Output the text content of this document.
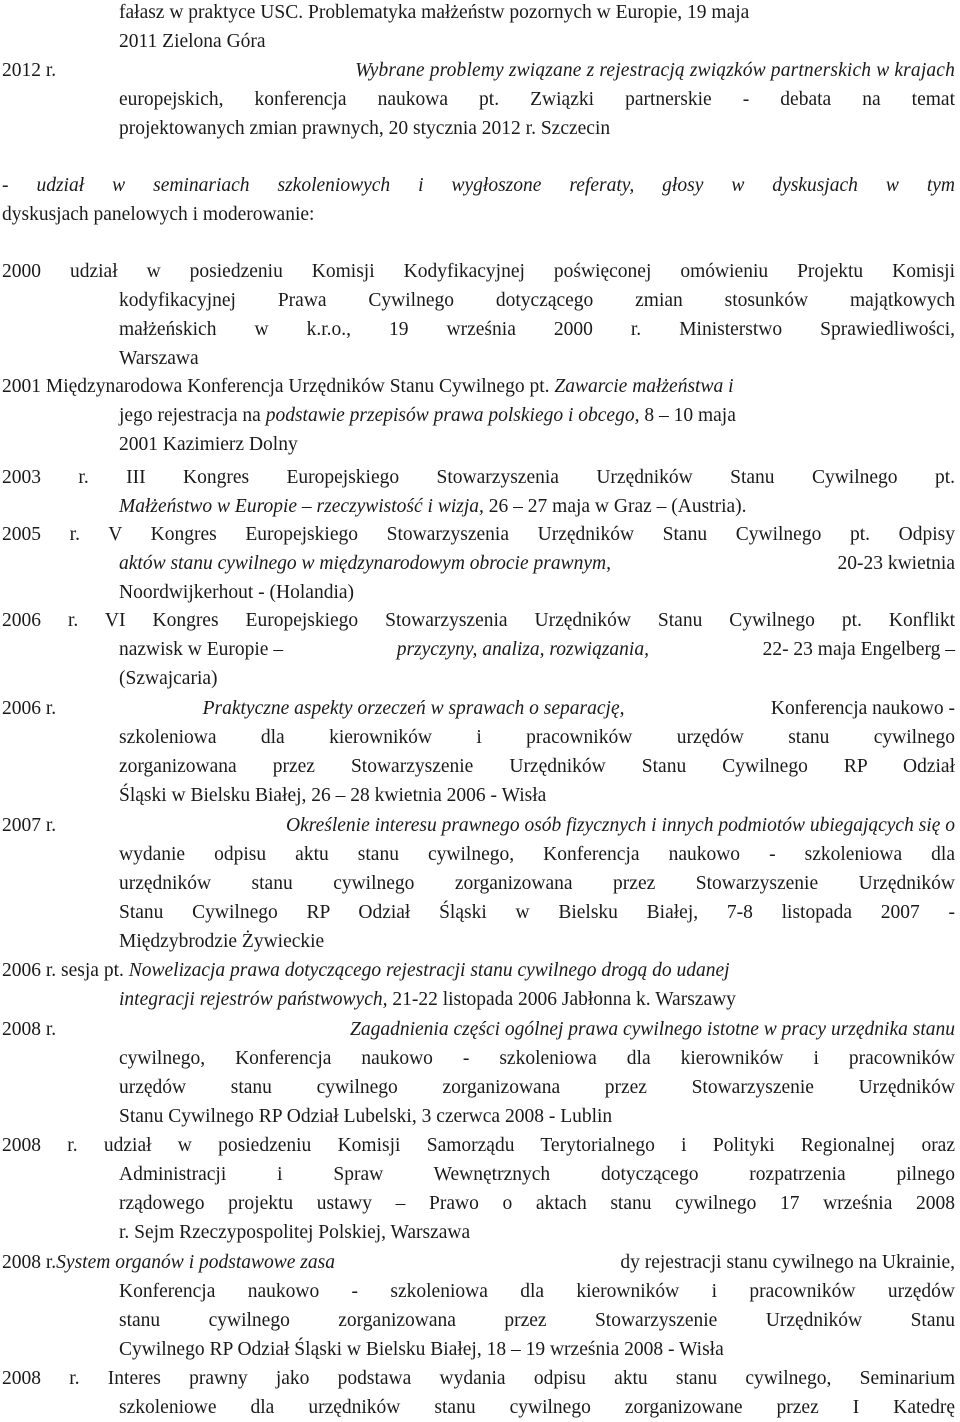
fałasz w praktyce USC. Problematyka małżeństw pozornych w Europie, 19 maja
2011 Zielona Góra
2012 r.	Wybrane problemy związane z rejestracją związków partnerskich w krajach
europejskich, konferencja naukowa pt. Związki partnerskie - debata na temat
projektowanych zmian prawnych, 20 stycznia 2012 r. Szczecin
- udział w seminariach szkoleniowych i wygłoszone referaty, głosy w dyskusjach w tym
dyskusjach panelowych i moderowanie:
2000 udział w posiedzeniu Komisji Kodyfikacyjnej poświęconej omówieniu Projektu Komisji
kodyfikacyjnej Prawa Cywilnego dotyczącego zmian stosunków majątkowych
małżeńskich w k.r.o., 19 września 2000 r. Ministerstwo Sprawiedliwości,
Warszawa
2001 Międzynarodowa Konferencja Urzędników Stanu Cywilnego pt. Zawarcie małżeństwa i
jego rejestracja na podstawie przepisów prawa polskiego i obcego, 8 – 10 maja
2001 Kazimierz Dolny
2003 r. III Kongres Europejskiego Stowarzyszenia Urzędników Stanu Cywilnego pt.
Małżeństwo w Europie – rzeczywistość i wizja, 26 – 27 maja w Graz – (Austria).
2005 r. V Kongres Europejskiego Stowarzyszenia Urzędników Stanu Cywilnego pt. Odpisy
aktów stanu cywilnego w międzynarodowym obrocie prawnym,	20-23 kwietnia
Noordwijkerhout - (Holandia)
2006 r. VI Kongres Europejskiego Stowarzyszenia Urzędników Stanu Cywilnego pt. Konflikt
nazwisk w Europie –	przyczyny, analiza, rozwiązania,	22- 23 maja Engelberg –
(Szwajcaria)
2006 r.	Praktyczne aspekty orzeczeń w sprawach o separację,	Konferencja naukowo -
szkoleniowa dla kierowników i pracowników urzędów stanu cywilnego
zorganizowana przez Stowarzyszenie Urzędników Stanu Cywilnego RP Odział
Śląski w Bielsku Białej, 26 – 28 kwietnia 2006 - Wisła
2007 r.	Określenie interesu prawnego osób fizycznych i innych podmiotów ubiegających się o
wydanie odpisu aktu stanu cywilnego, Konferencja naukowo - szkoleniowa dla
urzędników stanu cywilnego zorganizowana przez Stowarzyszenie Urzędników
Stanu Cywilnego RP Odział Śląski w Bielsku Białej, 7-8 listopada 2007 -
Międzybrodzie Żywieckie
2006 r. sesja pt. Nowelizacja prawa dotyczącego rejestracji stanu cywilnego drogą do udanej
integracji rejestrów państwowych, 21-22 listopada 2006 Jabłonna k. Warszawy
2008 r.	Zagadnienia części ogólnej prawa cywilnego istotne w pracy urzędnika stanu
cywilnego, Konferencja naukowo - szkoleniowa dla kierowników i pracowników
urzędów stanu cywilnego zorganizowana przez Stowarzyszenie Urzędników
Stanu Cywilnego RP Odział Lubelski, 3 czerwca 2008 - Lublin
2008 r. udział w posiedzeniu Komisji Samorządu Terytorialnego i Polityki Regionalnej oraz
Administracji i Spraw Wewnętrznych dotyczącego rozpatrzenia pilnego
rządowego projektu ustawy – Prawo o aktach stanu cywilnego 17 września 2008
r. Sejm Rzeczypospolitej Polskiej, Warszawa
2008 r. System organów i podstawowe zasa	dy rejestracji stanu cywilnego na Ukrainie,
Konferencja naukowo - szkoleniowa dla kierowników i pracowników urzędów
stanu cywilnego zorganizowana przez Stowarzyszenie Urzędników Stanu
Cywilnego RP Odział Śląski w Bielsku Białej, 18 – 19 września 2008 - Wisła
2008 r. Interes prawny jako podstawa wydania odpisu aktu stanu cywilnego, Seminarium
szkoleniowe dla urzędników stanu cywilnego zorganizowane przez I Katedrę
